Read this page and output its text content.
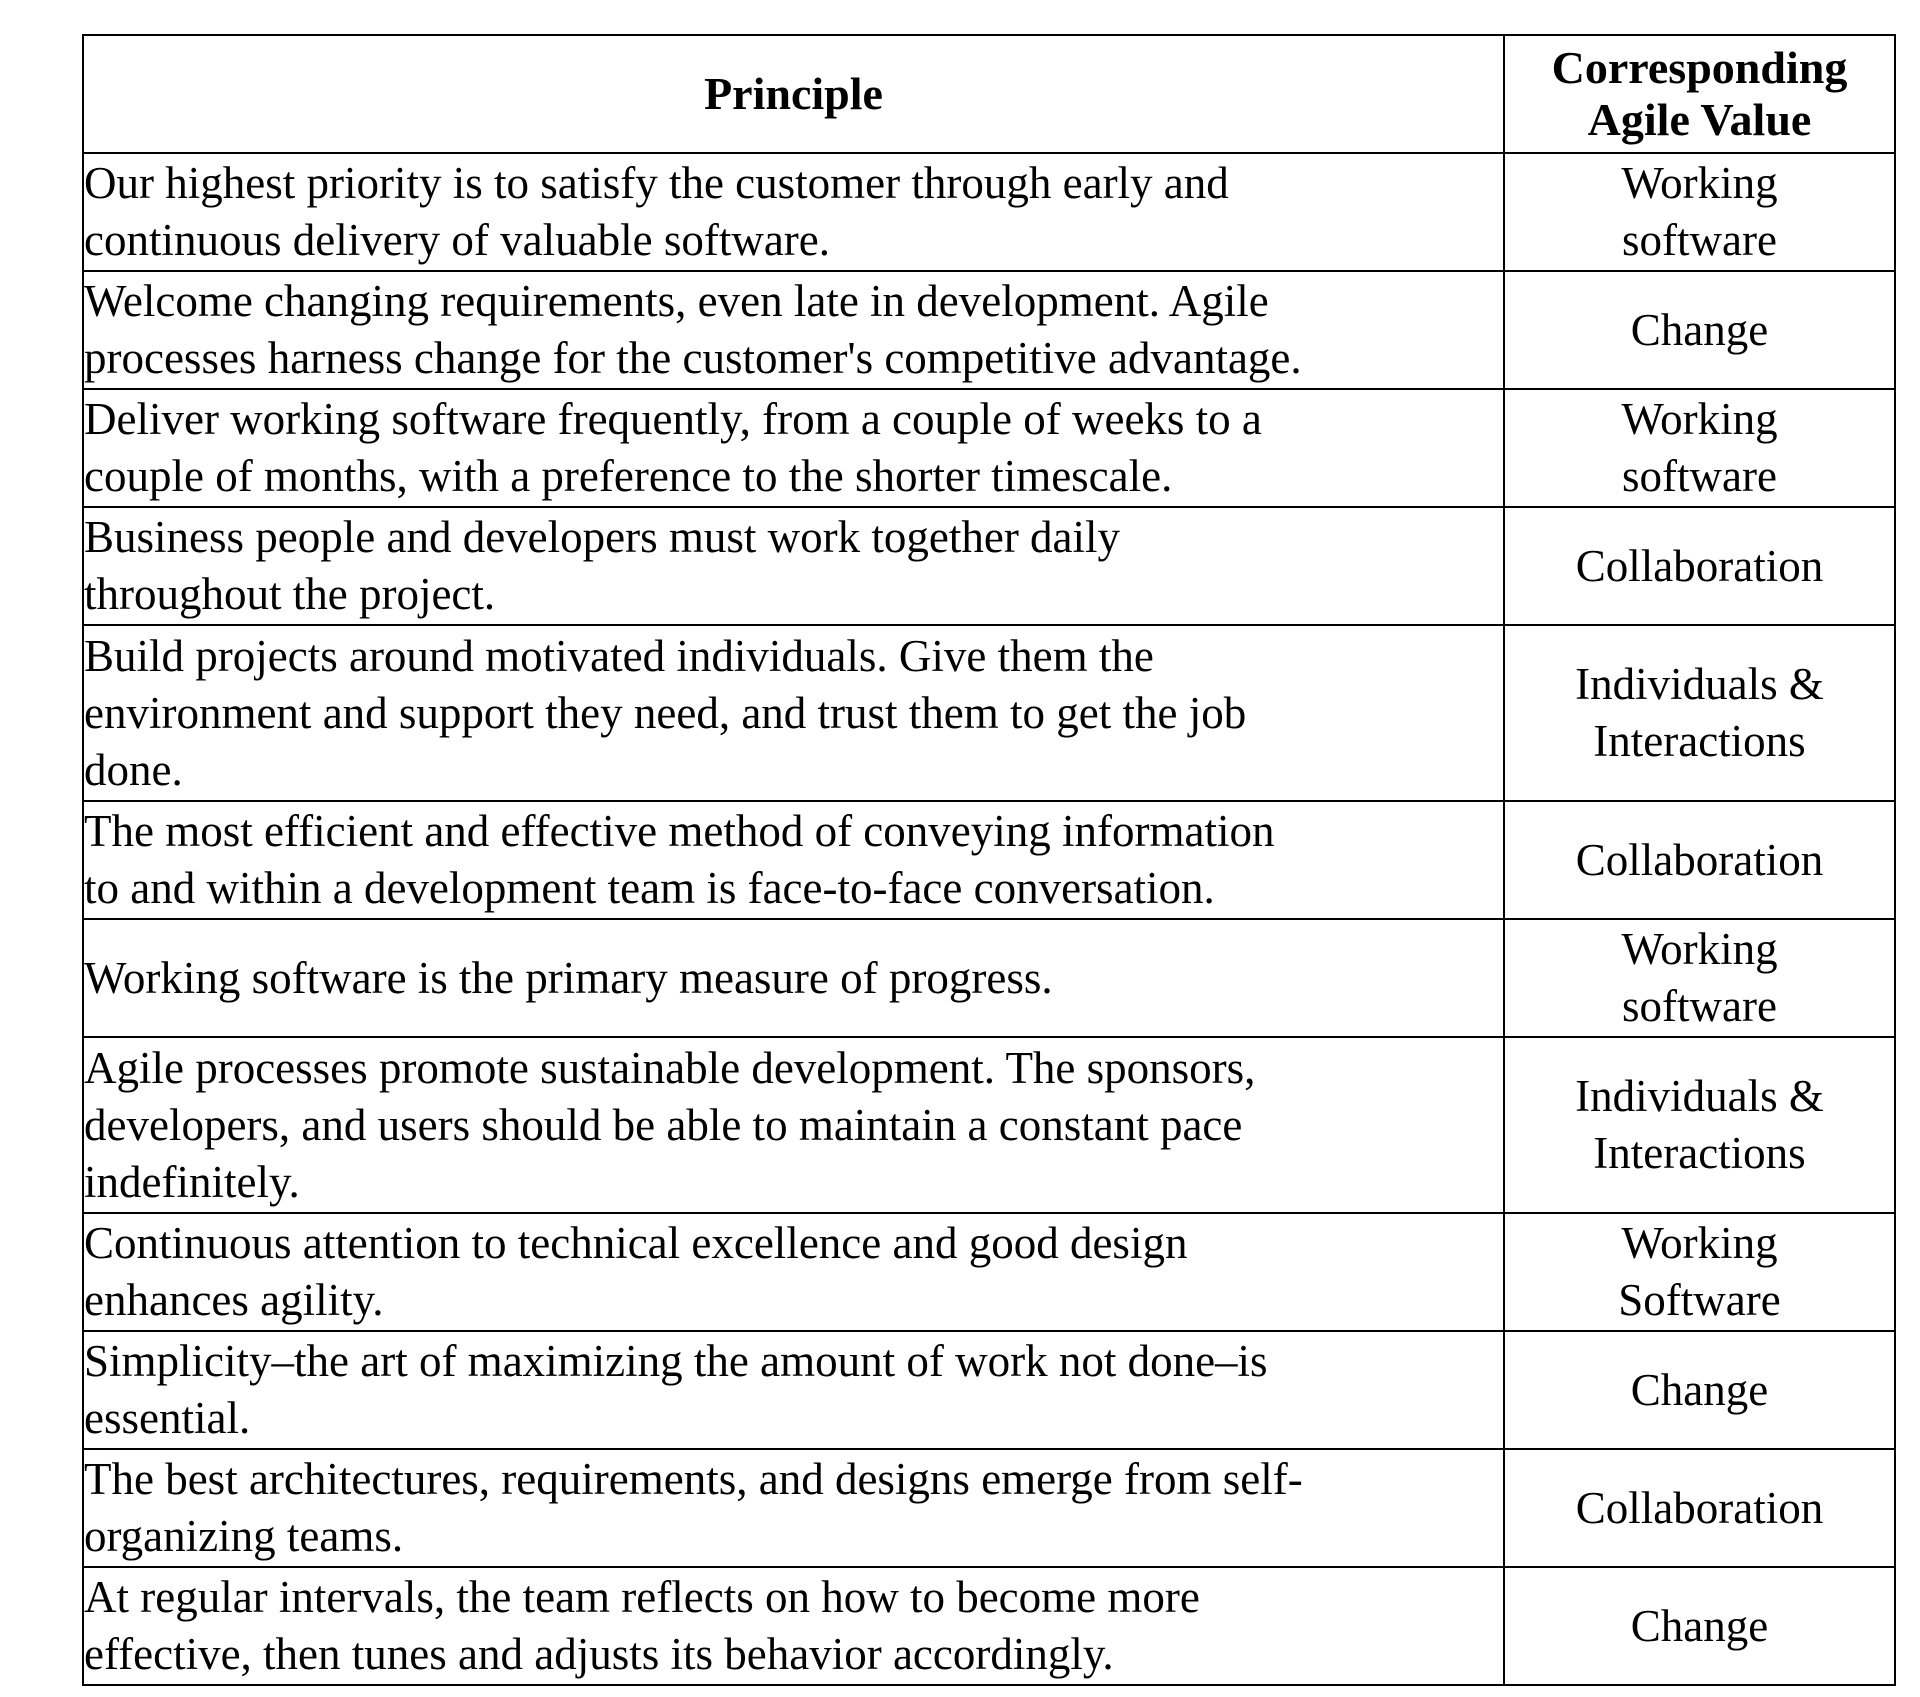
Principle	Corresponding
Agile Value
Our highest priority is to satisfy the customer through early and
continuous delivery of valuable software.	Working
software
Welcome changing requirements, even late in development. Agile
processes harness change for the customer's competitive advantage.	Change
Deliver working software frequently, from a couple of weeks to a
couple of months, with a preference to the shorter timescale.	Working
software
Business people and developers must work together daily
throughout the project.	Collaboration
Build projects around motivated individuals. Give them the
environment and support they need, and trust them to get the job
done.	Individuals &
Interactions
The most efficient and effective method of conveying information
to and within a development team is face-to-face conversation.	Collaboration
Working software is the primary measure of progress.	Working
software
Agile processes promote sustainable development. The sponsors,
developers, and users should be able to maintain a constant pace
indefinitely.	Individuals &
Interactions
Continuous attention to technical excellence and good design
enhances agility.	Working
Software
Simplicity–the art of maximizing the amount of work not done–is
essential.	Change
The best architectures, requirements, and designs emerge from self-
organizing teams.	Collaboration
At regular intervals, the team reflects on how to become more
effective, then tunes and adjusts its behavior accordingly.	Change
